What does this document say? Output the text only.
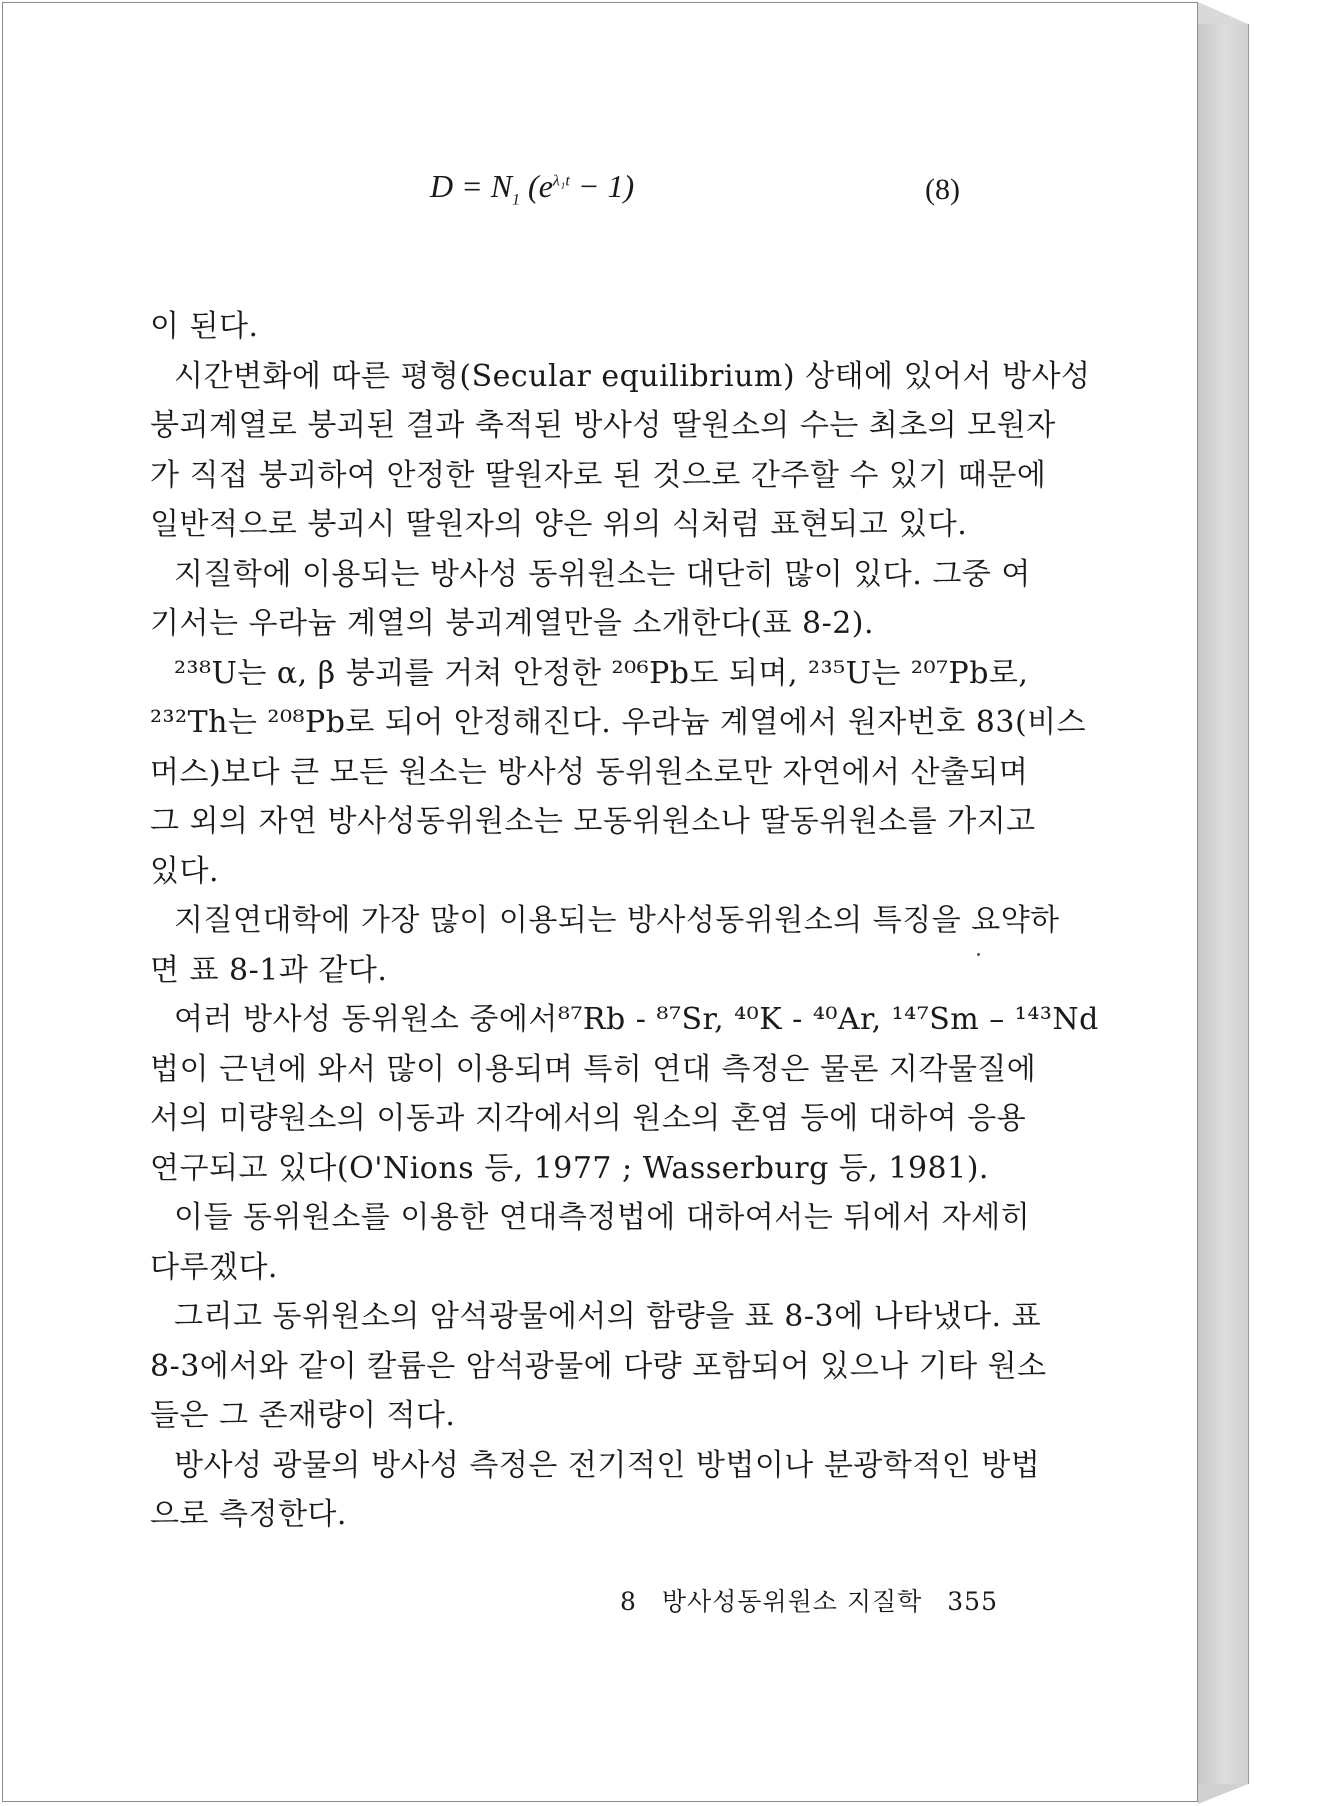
$D = N_1$ $(e^{\lambda_1t} - 1)$	(8)
이 된다.
시간변화에 따른 평형(Secular equilibrium) 상태에 있어서 방사성
붕괴계열로 붕괴된 결과 축적된 방사성 딸원소의 수는 최초의 모원자
가 직접 붕괴하여 안정한 딸원자로 된 것으로 간주할 수 있기 때문에
일반적으로 붕괴시 딸원자의 양은 위의 식처럼 표현되고 있다.
지질학에 이용되는 방사성 동위원소는 대단히 많이 있다. 그중 여
기서는 우라늄 계열의 붕괴계열만을 소개한다(표 8-2).
²³⁸U는 α, β 붕괴를 거쳐 안정한 ²⁰⁶Pb도 되며, ²³⁵U는 ²⁰⁷Pb로,
²³²Th는 ²⁰⁸Pb로 되어 안정해진다. 우라늄 계열에서 원자번호 83(비스
머스)보다 큰 모든 원소는 방사성 동위원소로만 자연에서 산출되며
그 외의 자연 방사성동위원소는 모동위원소나 딸동위원소를 가지고
있다.
지질연대학에 가장 많이 이용되는 방사성동위원소의 특징을 요약하
면 표 8-1과 같다.
여러 방사성 동위원소 중에서⁸⁷Rb - ⁸⁷Sr, ⁴⁰K - ⁴⁰Ar, ¹⁴⁷Sm – ¹⁴³Nd
법이 근년에 와서 많이 이용되며 특히 연대 측정은 물론 지각물질에
서의 미량원소의 이동과 지각에서의 원소의 혼염 등에 대하여 응용
연구되고 있다(O'Nions 등, 1977 ; Wasserburg 등, 1981).
이들 동위원소를 이용한 연대측정법에 대하여서는 뒤에서 자세히
다루겠다.
그리고 동위원소의 암석광물에서의 함량을 표 8-3에 나타냈다. 표
8-3에서와 같이 칼륨은 암석광물에 다량 포함되어 있으나 기타 원소
들은 그 존재량이 적다.
방사성 광물의 방사성 측정은 전기적인 방법이나 분광학적인 방법
으로 측정한다.
8 방사성동위원소 지질학 355
